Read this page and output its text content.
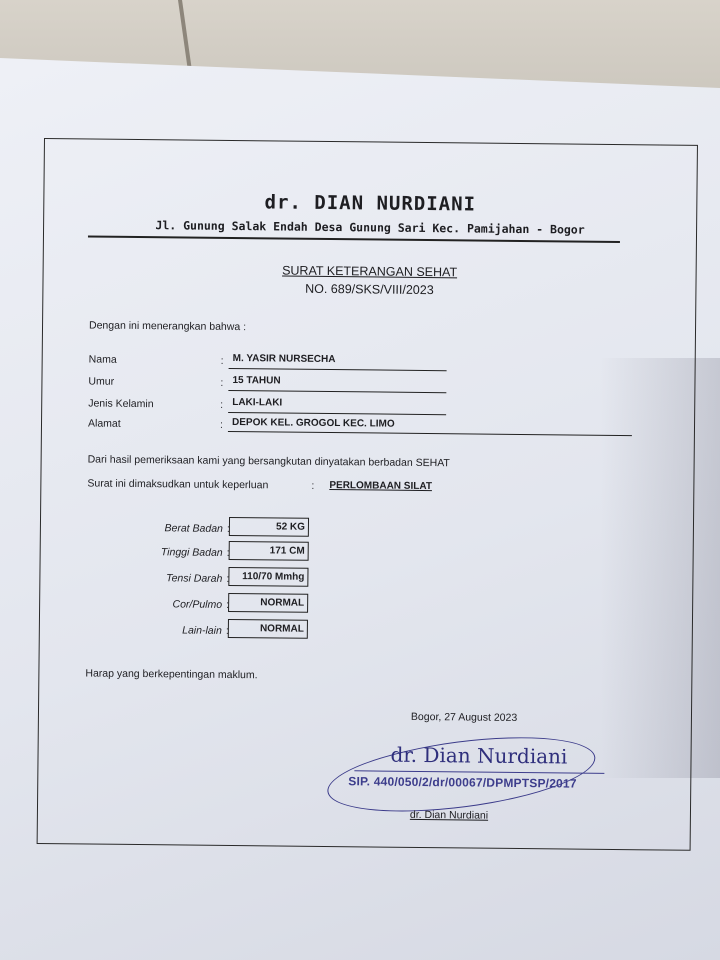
dr. DIAN NURDIANI
Jl. Gunung Salak Endah Desa Gunung Sari Kec. Pamijahan - Bogor
SURAT KETERANGAN SEHAT
NO. 689/SKS/VIII/2023
Dengan ini menerangkan bahwa :
Nama	: M. YASIR NURSECHA
Umur	: 15 TAHUN
Jenis Kelamin	: LAKI-LAKI
Alamat	: DEPOK KEL. GROGOL KEC. LIMO
Dari hasil pemeriksaan kami yang bersangkutan dinyatakan berbadan SEHAT
Surat ini dimaksudkan untuk keperluan	: PERLOMBAAN SILAT
Berat Badan :	52 KG
Tinggi Badan :	171 CM
Tensi Darah :	110/70 Mmhg
Cor/Pulmo :	NORMAL
Lain-lain :	NORMAL
Harap yang berkepentingan maklum.
Bogor, 27 August 2023
dr. Dian Nurdiani
SIP. 440/050/2/dr/00067/DPMPTSP/2017
dr. Dian Nurdiani
